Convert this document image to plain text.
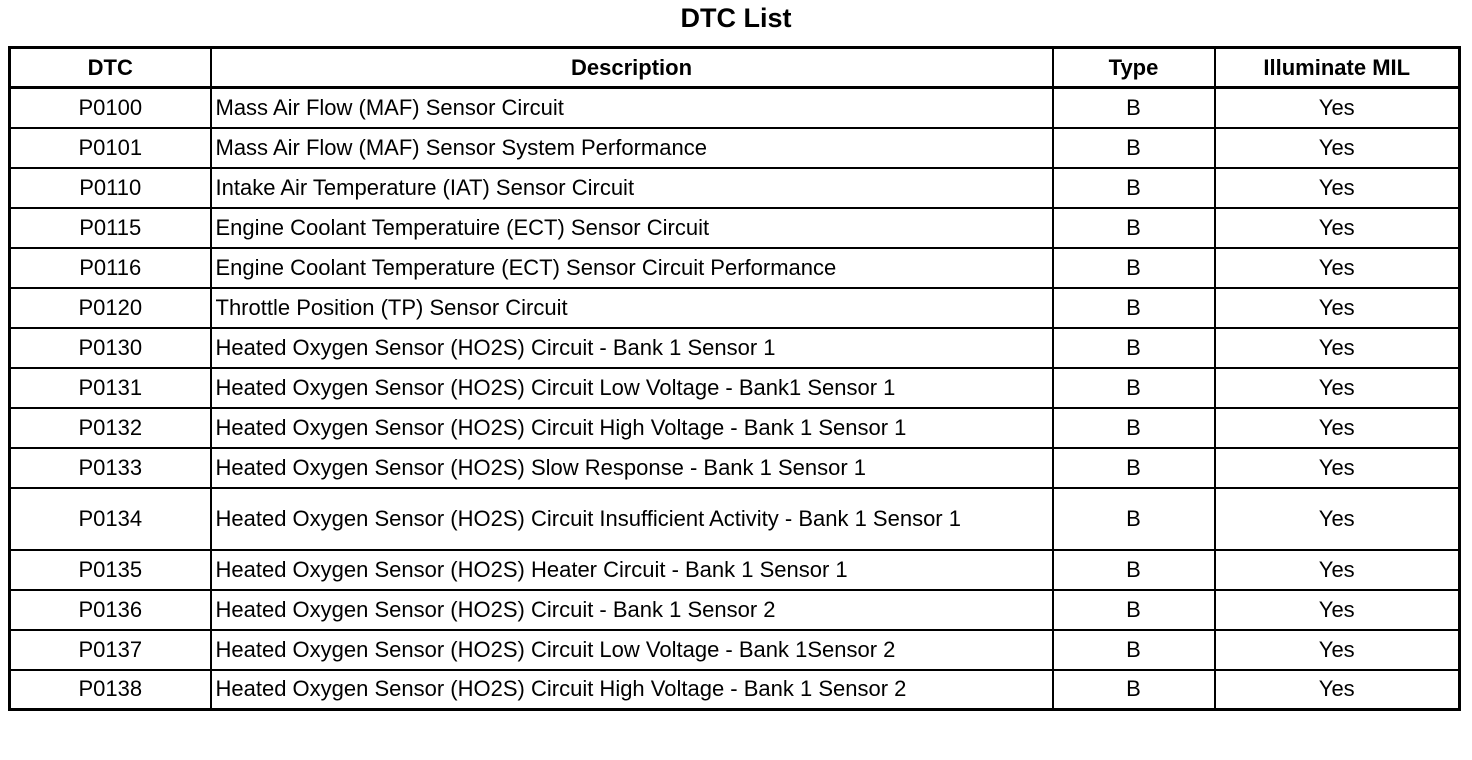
DTC List
DTC	Description	Type	Illuminate MIL
P0100	Mass Air Flow (MAF) Sensor Circuit	B	Yes
P0101	Mass Air Flow (MAF) Sensor System Performance	B	Yes
P0110	Intake Air Temperature (IAT) Sensor Circuit	B	Yes
P0115	Engine Coolant Temperatuire (ECT) Sensor Circuit	B	Yes
P0116	Engine Coolant Temperature (ECT) Sensor Circuit Performance	B	Yes
P0120	Throttle Position (TP) Sensor Circuit	B	Yes
P0130	Heated Oxygen Sensor (HO2S) Circuit - Bank 1 Sensor 1	B	Yes
P0131	Heated Oxygen Sensor (HO2S) Circuit Low Voltage - Bank1 Sensor 1	B	Yes
P0132	Heated Oxygen Sensor (HO2S) Circuit High Voltage - Bank 1 Sensor 1	B	Yes
P0133	Heated Oxygen Sensor (HO2S) Slow Response - Bank 1 Sensor 1	B	Yes
P0134	Heated Oxygen Sensor (HO2S) Circuit Insufficient Activity - Bank 1 Sensor 1	B	Yes
P0135	Heated Oxygen Sensor (HO2S) Heater Circuit - Bank 1 Sensor 1	B	Yes
P0136	Heated Oxygen Sensor (HO2S) Circuit - Bank 1 Sensor 2	B	Yes
P0137	Heated Oxygen Sensor (HO2S) Circuit Low Voltage - Bank 1Sensor 2	B	Yes
P0138	Heated Oxygen Sensor (HO2S) Circuit High Voltage - Bank 1 Sensor 2	B	Yes
